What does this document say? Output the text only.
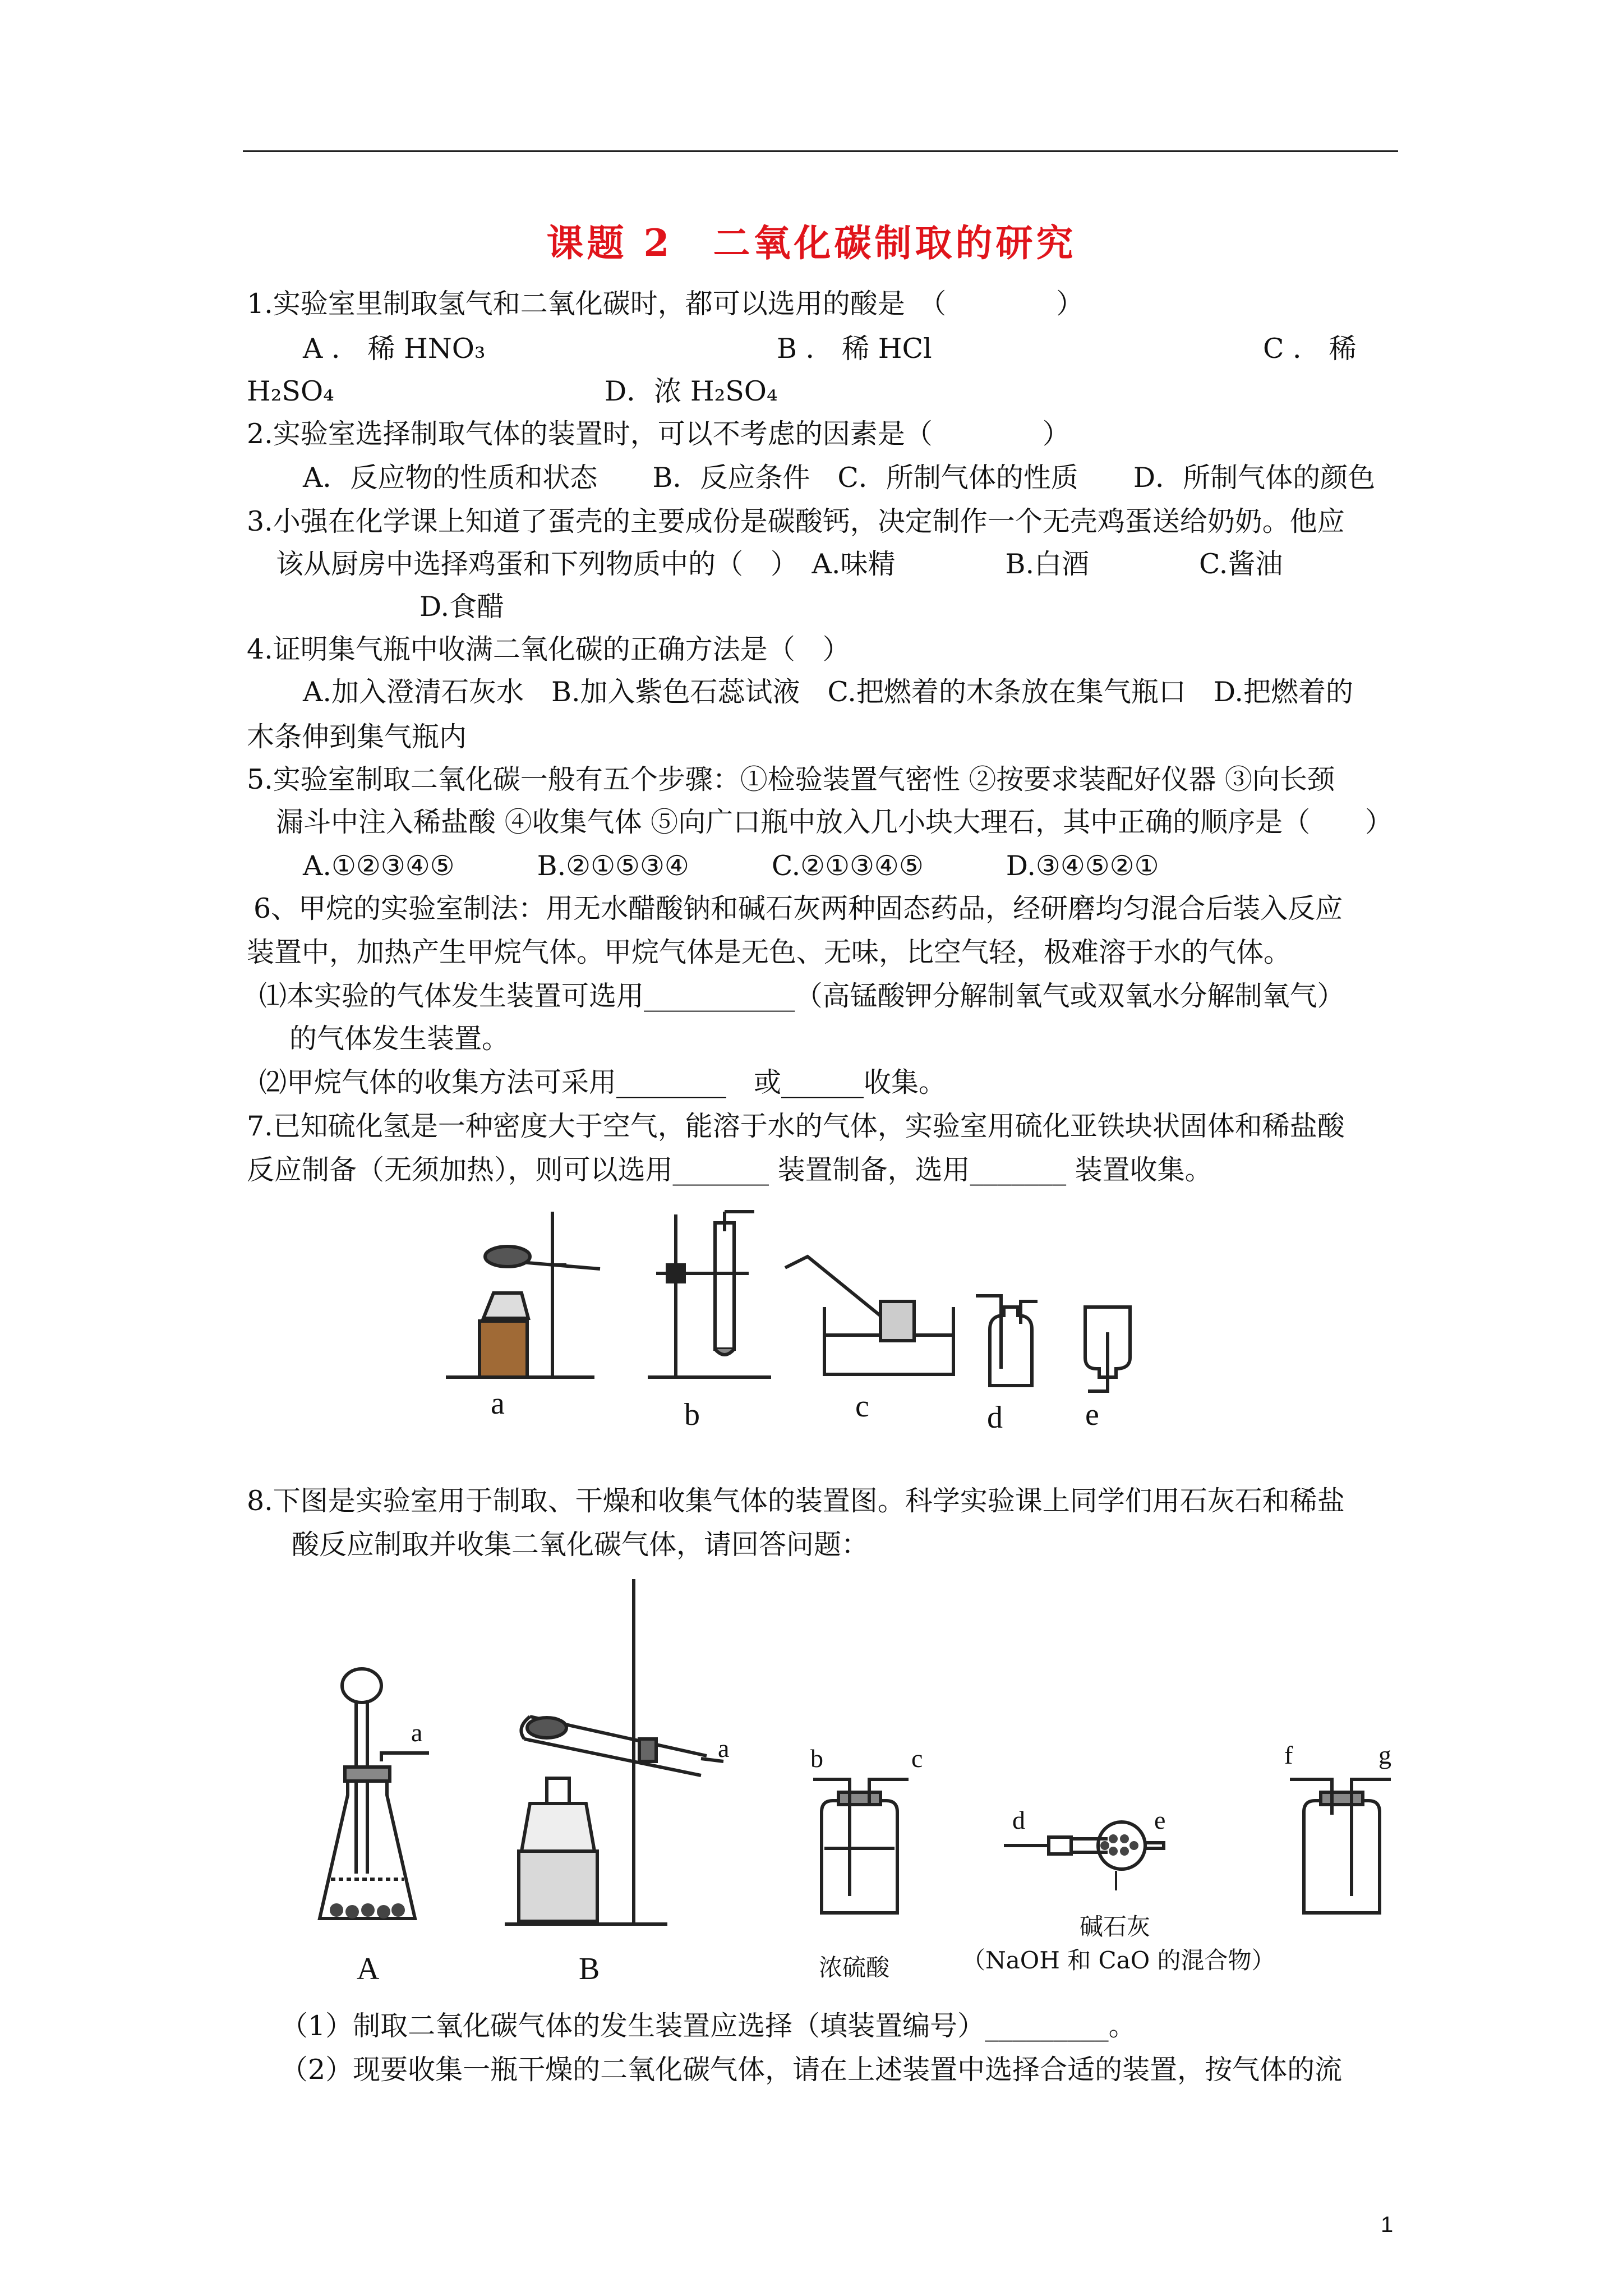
课题 2　二氧化碳制取的研究
1.实验室里制取氢气和二氧化碳时，都可以选用的酸是　（　　　　）
A ． 稀 HNO₃	B ． 稀 HCl	C ． 稀
H₂SO₄	D．浓 H₂SO₄
2.实验室选择制取气体的装置时，可以不考虑的因素是（　　　　）
A．反应物的性质和状态　　B．反应条件　C．所制气体的性质　　D．所制气体的颜色
3.小强在化学课上知道了蛋壳的主要成份是碳酸钙，决定制作一个无壳鸡蛋送给奶奶。他应
该从厨房中选择鸡蛋和下列物质中的（　）　A.味精　　　　B.白酒　　　　C.酱油
D.食醋
4.证明集气瓶中收满二氧化碳的正确方法是（　）
A.加入澄清石灰水　B.加入紫色石蕊试液　C.把燃着的木条放在集气瓶口　D.把燃着的
木条伸到集气瓶内
5.实验室制取二氧化碳一般有五个步骤：①检验装置气密性 ②按要求装配好仪器 ③向长颈
漏斗中注入稀盐酸 ④收集气体 ⑤向广口瓶中放入几小块大理石，其中正确的顺序是（　　）
A.①②③④⑤　　　B.②①⑤③④　　　C.②①③④⑤　　　D.③④⑤②①
6、甲烷的实验室制法：用无水醋酸钠和碱石灰两种固态药品，经研磨均匀混合后装入反应
装置中，加热产生甲烷气体。甲烷气体是无色、无味，比空气轻，极难溶于水的气体。
⑴本实验的气体发生装置可选用___________（高锰酸钾分解制氧气或双氧水分解制氧气）
的气体发生装置。
⑵甲烷气体的收集方法可采用________　或______收集。
7.已知硫化氢是一种密度大于空气，能溶于水的气体，实验室用硫化亚铁块状固体和稀盐酸
反应制备（无须加热），则可以选用_______ 装置制备，选用_______ 装置收集。
a	b	c	d	e
8.下图是实验室用于制取、干燥和收集气体的装置图。科学实验课上同学们用石灰石和稀盐
酸反应制取并收集二氧化碳气体，请回答问题：
a
a	b	c
d	e
f	g
A	B	浓硫酸
碱石灰
（NaOH 和 CaO 的混合物）
（1）制取二氧化碳气体的发生装置应选择（填装置编号）_________。
（2）现要收集一瓶干燥的二氧化碳气体，请在上述装置中选择合适的装置，按气体的流
1
